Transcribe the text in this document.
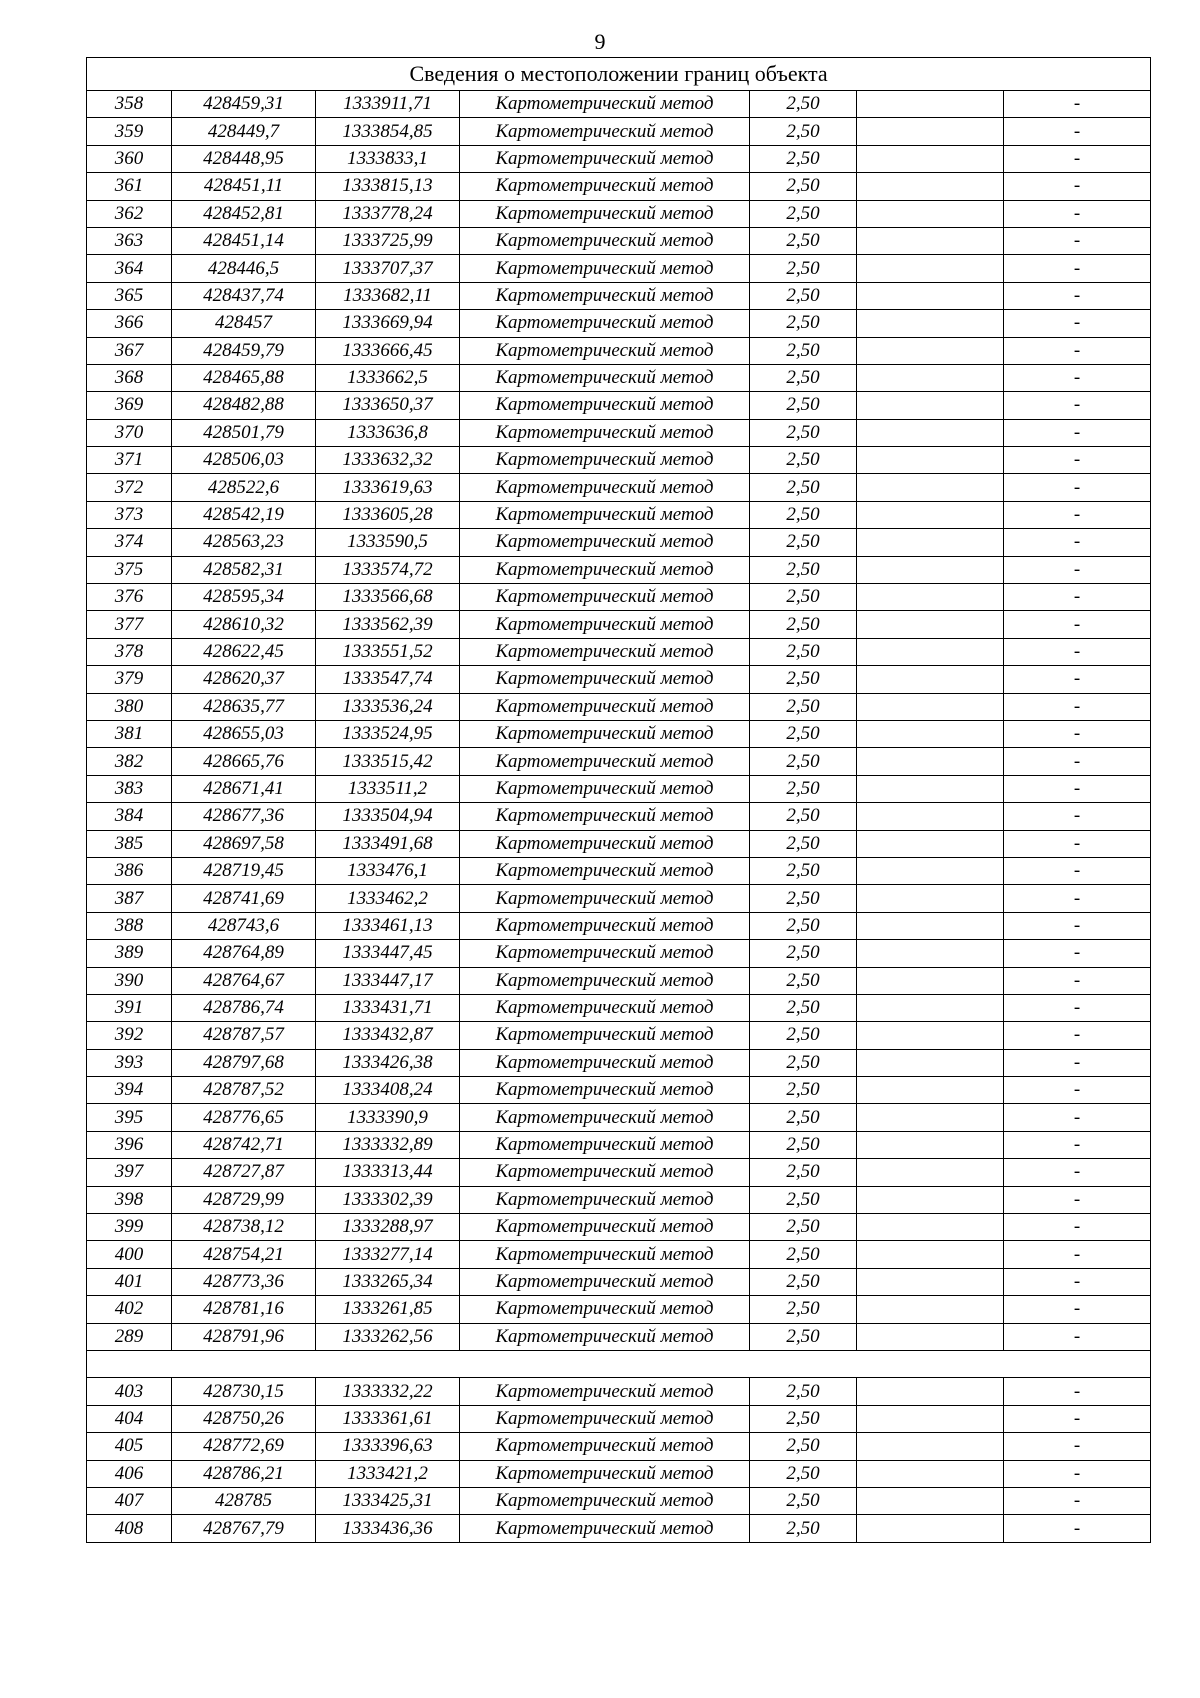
9
Сведения о местоположении границ объекта						
358	428459,31	1333911,71	Картометрический метод	2,50		-
359	428449,7	1333854,85	Картометрический метод	2,50		-
360	428448,95	1333833,1	Картометрический метод	2,50		-
361	428451,11	1333815,13	Картометрический метод	2,50		-
362	428452,81	1333778,24	Картометрический метод	2,50		-
363	428451,14	1333725,99	Картометрический метод	2,50		-
364	428446,5	1333707,37	Картометрический метод	2,50		-
365	428437,74	1333682,11	Картометрический метод	2,50		-
366	428457	1333669,94	Картометрический метод	2,50		-
367	428459,79	1333666,45	Картометрический метод	2,50		-
368	428465,88	1333662,5	Картометрический метод	2,50		-
369	428482,88	1333650,37	Картометрический метод	2,50		-
370	428501,79	1333636,8	Картометрический метод	2,50		-
371	428506,03	1333632,32	Картометрический метод	2,50		-
372	428522,6	1333619,63	Картометрический метод	2,50		-
373	428542,19	1333605,28	Картометрический метод	2,50		-
374	428563,23	1333590,5	Картометрический метод	2,50		-
375	428582,31	1333574,72	Картометрический метод	2,50		-
376	428595,34	1333566,68	Картометрический метод	2,50		-
377	428610,32	1333562,39	Картометрический метод	2,50		-
378	428622,45	1333551,52	Картометрический метод	2,50		-
379	428620,37	1333547,74	Картометрический метод	2,50		-
380	428635,77	1333536,24	Картометрический метод	2,50		-
381	428655,03	1333524,95	Картометрический метод	2,50		-
382	428665,76	1333515,42	Картометрический метод	2,50		-
383	428671,41	1333511,2	Картометрический метод	2,50		-
384	428677,36	1333504,94	Картометрический метод	2,50		-
385	428697,58	1333491,68	Картометрический метод	2,50		-
386	428719,45	1333476,1	Картометрический метод	2,50		-
387	428741,69	1333462,2	Картометрический метод	2,50		-
388	428743,6	1333461,13	Картометрический метод	2,50		-
389	428764,89	1333447,45	Картометрический метод	2,50		-
390	428764,67	1333447,17	Картометрический метод	2,50		-
391	428786,74	1333431,71	Картометрический метод	2,50		-
392	428787,57	1333432,87	Картометрический метод	2,50		-
393	428797,68	1333426,38	Картометрический метод	2,50		-
394	428787,52	1333408,24	Картометрический метод	2,50		-
395	428776,65	1333390,9	Картометрический метод	2,50		-
396	428742,71	1333332,89	Картометрический метод	2,50		-
397	428727,87	1333313,44	Картометрический метод	2,50		-
398	428729,99	1333302,39	Картометрический метод	2,50		-
399	428738,12	1333288,97	Картометрический метод	2,50		-
400	428754,21	1333277,14	Картометрический метод	2,50		-
401	428773,36	1333265,34	Картометрический метод	2,50		-
402	428781,16	1333261,85	Картометрический метод	2,50		-
289	428791,96	1333262,56	Картометрический метод	2,50		-

403	428730,15	1333332,22	Картометрический метод	2,50		-
404	428750,26	1333361,61	Картометрический метод	2,50		-
405	428772,69	1333396,63	Картометрический метод	2,50		-
406	428786,21	1333421,2	Картометрический метод	2,50		-
407	428785	1333425,31	Картометрический метод	2,50		-
408	428767,79	1333436,36	Картометрический метод	2,50		-
